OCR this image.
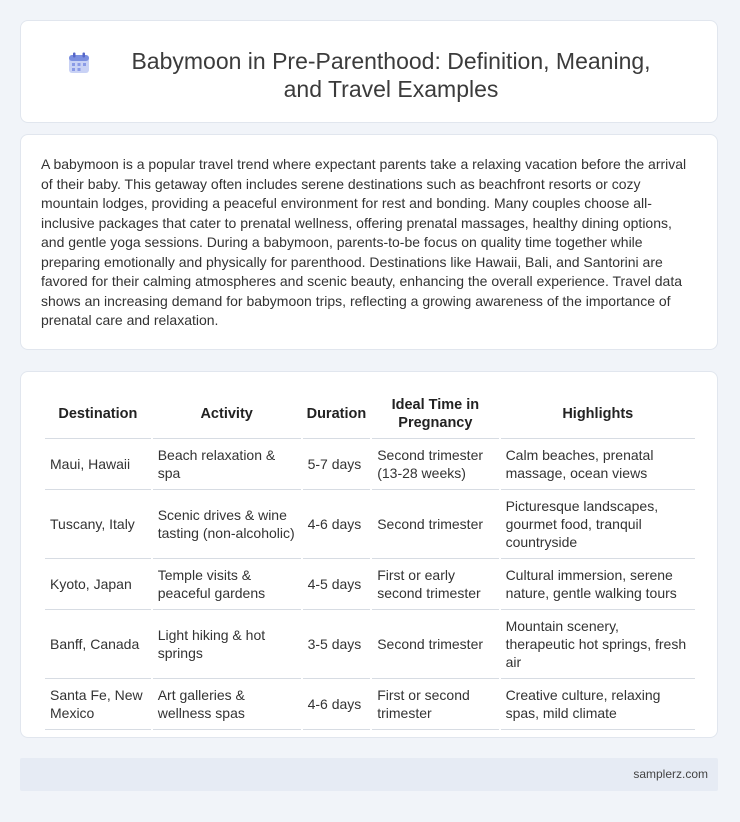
Babymoon in Pre-Parenthood: Definition, Meaning, and Travel Examples

A babymoon is a popular travel trend where expectant parents take a relaxing vacation before the arrival of their baby. This getaway often includes serene destinations such as beachfront resorts or cozy mountain lodges, providing a peaceful environment for rest and bonding. Many couples choose all-inclusive packages that cater to prenatal wellness, offering prenatal massages, healthy dining options, and gentle yoga sessions. During a babymoon, parents-to-be focus on quality time together while preparing emotionally and physically for parenthood. Destinations like Hawaii, Bali, and Santorini are favored for their calming atmospheres and scenic beauty, enhancing the overall experience. Travel data shows an increasing demand for babymoon trips, reflecting a growing awareness of the importance of prenatal care and relaxation.

Destination	Activity	Duration	Ideal Time in Pregnancy	Highlights
Maui, Hawaii	Beach relaxation & spa	5-7 days	Second trimester (13-28 weeks)	Calm beaches, prenatal massage, ocean views
Tuscany, Italy	Scenic drives & wine tasting (non-alcoholic)	4-6 days	Second trimester	Picturesque landscapes, gourmet food, tranquil countryside
Kyoto, Japan	Temple visits & peaceful gardens	4-5 days	First or early second trimester	Cultural immersion, serene nature, gentle walking tours
Banff, Canada	Light hiking & hot springs	3-5 days	Second trimester	Mountain scenery, therapeutic hot springs, fresh air
Santa Fe, New Mexico	Art galleries & wellness spas	4-6 days	First or second trimester	Creative culture, relaxing spas, mild climate
samplerz.com
